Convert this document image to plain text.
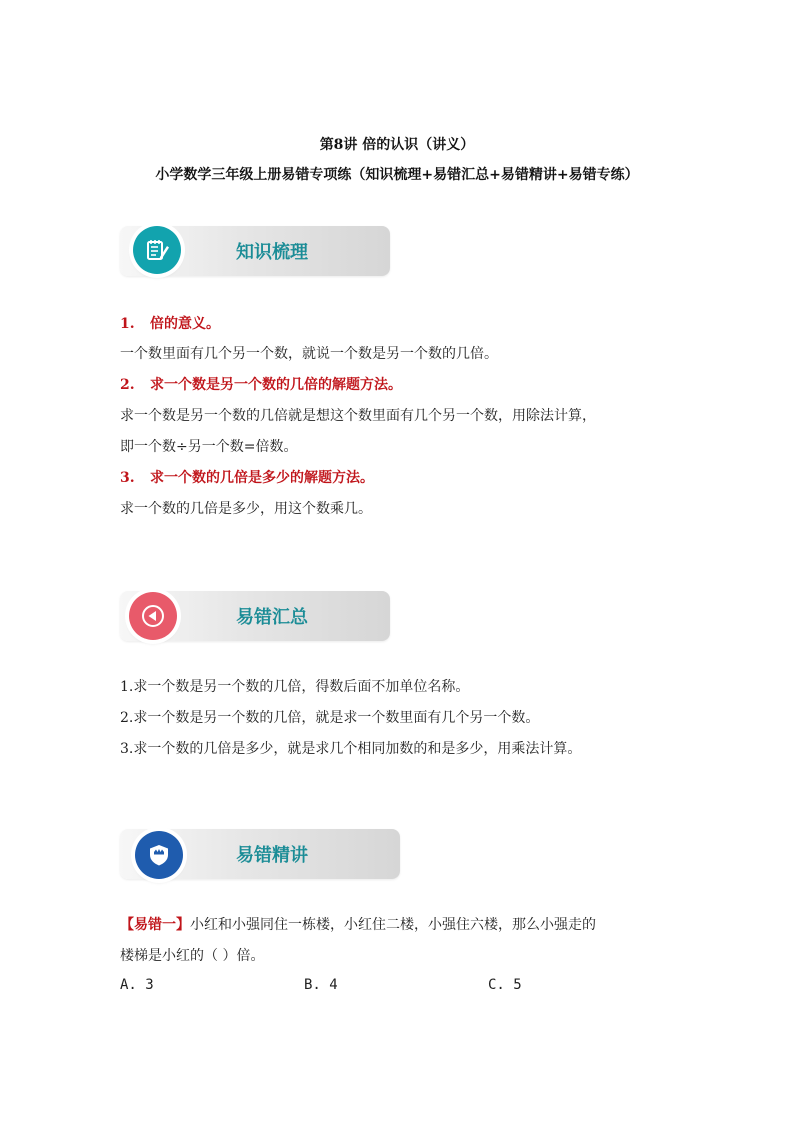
第8讲 倍的认识（讲义）
小学数学三年级上册易错专项练（知识梳理+易错汇总+易错精讲+易错专练）
知识梳理
1. 倍的意义。
一个数里面有几个另一个数，就说一个数是另一个数的几倍。
2. 求一个数是另一个数的几倍的解题方法。
求一个数是另一个数的几倍就是想这个数里面有几个另一个数，用除法计算，
即一个数÷另一个数=倍数。
3. 求一个数的几倍是多少的解题方法。
求一个数的几倍是多少，用这个数乘几。
易错汇总
1.求一个数是另一个数的几倍，得数后面不加单位名称。
2.求一个数是另一个数的几倍，就是求一个数里面有几个另一个数。
3.求一个数的几倍是多少，就是求几个相同加数的和是多少，用乘法计算。
易错精讲
【易错一】小红和小强同住一栋楼，小红住二楼，小强住六楼，那么小强走的
楼梯是小红的（ ）倍。
A. 3	B. 4	C. 5
